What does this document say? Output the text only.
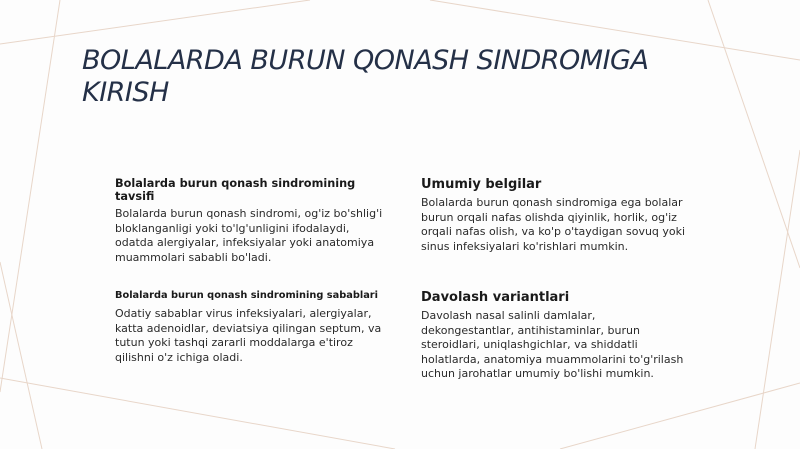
BOLALARDA BURUN QONASH SINDROMIGA KIRISH
Bolalarda burun qonash sindromining tavsifi

Bolalarda burun qonash sindromi, og'iz bo'shlig'i bloklanganligi yoki to'lg'unligini ifodalaydi, odatda alergiyalar, infeksiyalar yoki anatomiya muammolari sababli bo'ladi.

Umumiy belgilar

Bolalarda burun qonash sindromiga ega bolalar burun orqali nafas olishda qiyinlik, horlik, og'iz orqali nafas olish, va ko'p o'taydigan sovuq yoki sinus infeksiyalari ko'rishlari mumkin.

Bolalarda burun qonash sindromining sabablari

Odatiy sabablar virus infeksiyalari, alergiyalar, katta adenoidlar, deviatsiya qilingan septum, va tutun yoki tashqi zararli moddalarga e'tiroz qilishni o'z ichiga oladi.

Davolash variantlari

Davolash nasal salinli damlalar, dekongestantlar, antihistaminlar, burun steroidlari, uniqlashgichlar, va shiddatli holatlarda, anatomiya muammolarini to'g'rilash uchun jarohatlar umumiy bo'lishi mumkin.
